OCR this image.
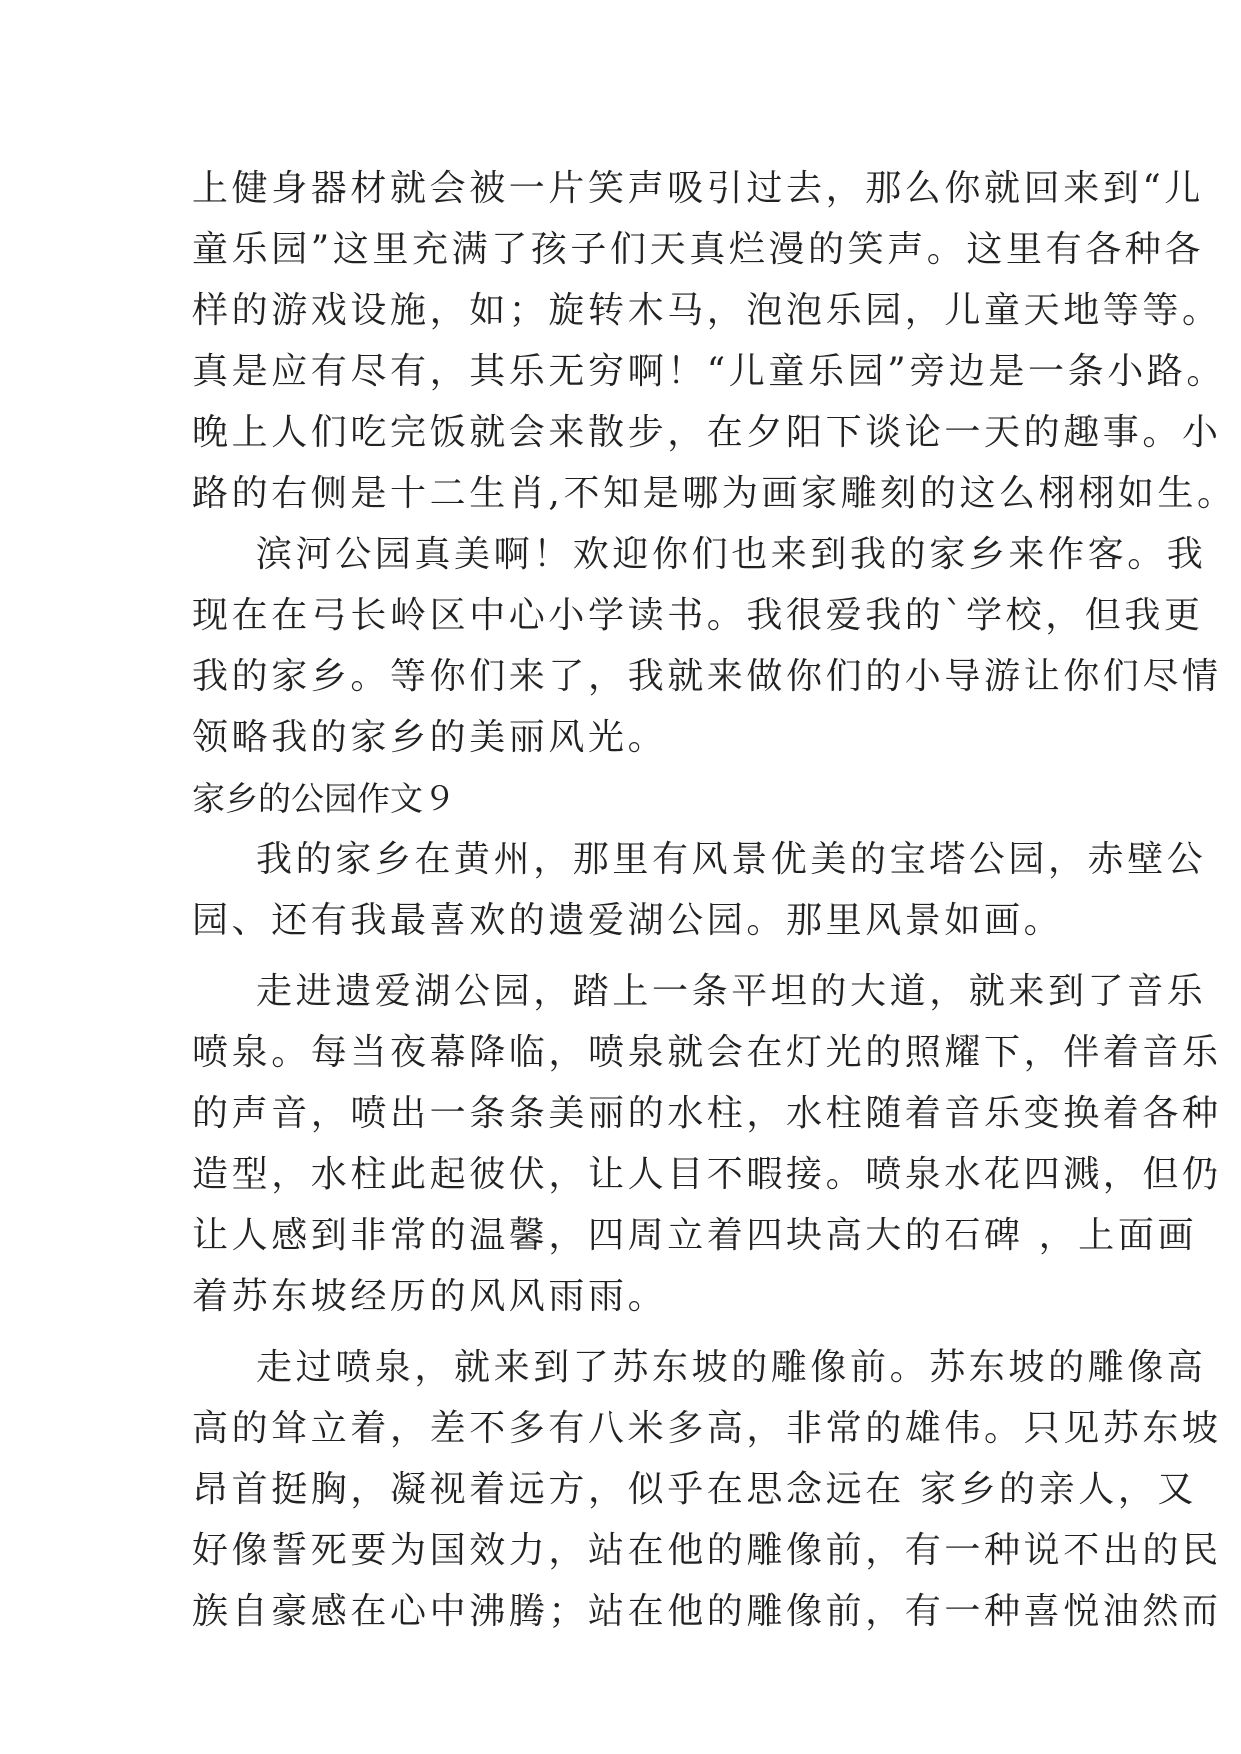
上健身器材就会被一片笑声吸引过去，那么你就回来到“儿
童乐园”这里充满了孩子们天真烂漫的笑声。这里有各种各
样的游戏设施，如；旋转木马，泡泡乐园，儿童天地等等。
真是应有尽有，其乐无穷啊！“儿童乐园”旁边是一条小路。
晚上人们吃完饭就会来散步，在夕阳下谈论一天的趣事。小
路的右侧是十二生肖,不知是哪为画家雕刻的这么栩栩如生。
滨河公园真美啊！欢迎你们也来到我的家乡来作客。我
现在在弓长岭区中心小学读书。我很爱我的`学校，但我更
我的家乡。等你们来了，我就来做你们的小导游让你们尽情
领略我的家乡的美丽风光。
家乡的公园作文９
我的家乡在黄州，那里有风景优美的宝塔公园，赤壁公
园、还有我最喜欢的遗爱湖公园。那里风景如画。
走进遗爱湖公园，踏上一条平坦的大道，就来到了音乐
喷泉。每当夜幕降临，喷泉就会在灯光的照耀下，伴着音乐
的声音，喷出一条条美丽的水柱，水柱随着音乐变换着各种
造型，水柱此起彼伏，让人目不暇接。喷泉水花四溅，但仍
让人感到非常的温馨，四周立着四块高大的石碑 ，上面画
着苏东坡经历的风风雨雨。
走过喷泉，就来到了苏东坡的雕像前。苏东坡的雕像高
高的耸立着，差不多有八米多高，非常的雄伟。只见苏东坡
昂首挺胸，凝视着远方，似乎在思念远在 家乡的亲人，又
好像誓死要为国效力，站在他的雕像前，有一种说不出的民
族自豪感在心中沸腾；站在他的雕像前，有一种喜悦油然而
